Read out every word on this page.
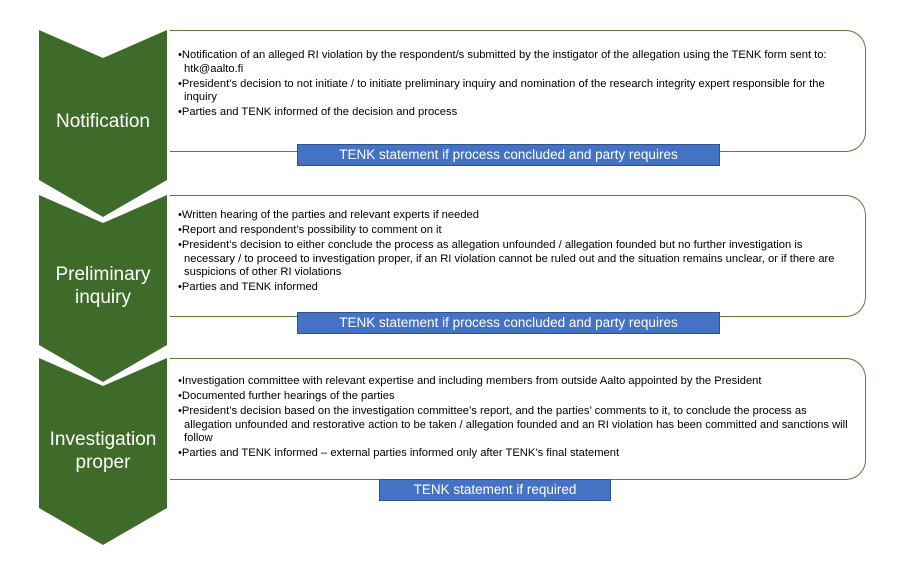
Notification
• Notification of an alleged RI violation by the respondent/s submitted by the instigator of the allegation using the TENK form sent to: htk@aalto.fi
• President’s decision to not initiate / to initiate preliminary inquiry and nomination of the research integrity expert responsible for the inquiry
• Parties and TENK informed of the decision and process
TENK statement if process concluded and party requires
Preliminary inquiry
• Written hearing of the parties and relevant experts if needed
• Report and respondent’s possibility to comment on it
• President’s decision to either conclude the process as allegation unfounded / allegation founded but no further investigation is necessary / to proceed to investigation proper, if an RI violation cannot be ruled out and the situation remains unclear, or if there are suspicions of other RI violations
• Parties and TENK informed
TENK statement if process concluded and party requires
Investigation proper
• Investigation committee with relevant expertise and including members from outside Aalto appointed by the President
• Documented further hearings of the parties
• President’s decision based on the investigation committee’s report, and the parties’ comments to it, to conclude the process as allegation unfounded and restorative action to be taken / allegation founded and an RI violation has been committed and sanctions will follow
• Parties and TENK informed – external parties informed only after TENK’s final statement
TENK statement if required
